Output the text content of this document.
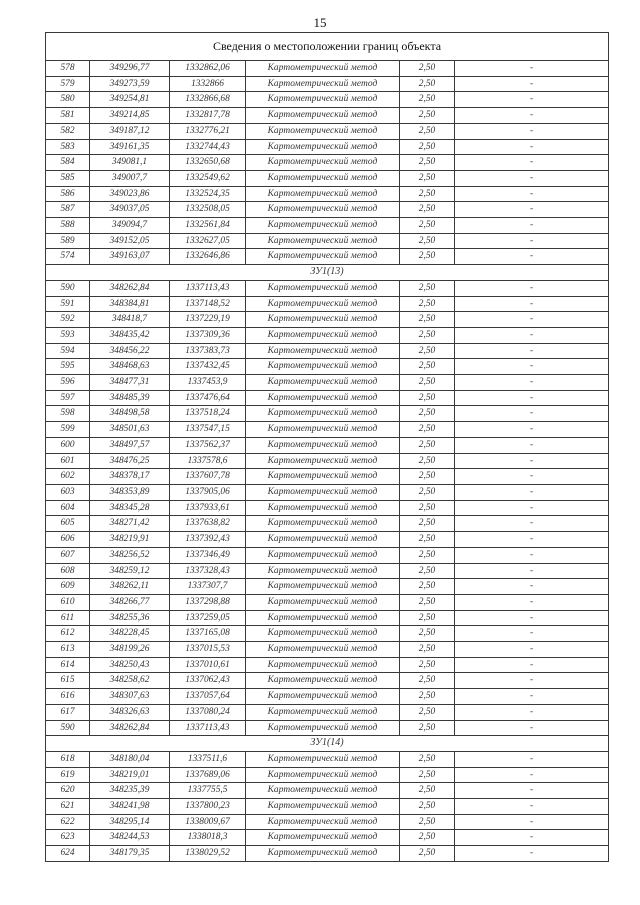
15
Сведения о местоположении границ объекта					
578	349296,77	1332862,06	Картометрический метод	2,50	-
579	349273,59	1332866	Картометрический метод	2,50	-
580	349254,81	1332866,68	Картометрический метод	2,50	-
581	349214,85	1332817,78	Картометрический метод	2,50	-
582	349187,12	1332776,21	Картометрический метод	2,50	-
583	349161,35	1332744,43	Картометрический метод	2,50	-
584	349081,1	1332650,68	Картометрический метод	2,50	-
585	349007,7	1332549,62	Картометрический метод	2,50	-
586	349023,86	1332524,35	Картометрический метод	2,50	-
587	349037,05	1332508,05	Картометрический метод	2,50	-
588	349094,7	1332561,84	Картометрический метод	2,50	-
589	349152,05	1332627,05	Картометрический метод	2,50	-
574	349163,07	1332646,86	Картометрический метод	2,50	-
ЗУ1(13)					
590	348262,84	1337113,43	Картометрический метод	2,50	-
591	348384,81	1337148,52	Картометрический метод	2,50	-
592	348418,7	1337229,19	Картометрический метод	2,50	-
593	348435,42	1337309,36	Картометрический метод	2,50	-
594	348456,22	1337383,73	Картометрический метод	2,50	-
595	348468,63	1337432,45	Картометрический метод	2,50	-
596	348477,31	1337453,9	Картометрический метод	2,50	-
597	348485,39	1337476,64	Картометрический метод	2,50	-
598	348498,58	1337518,24	Картометрический метод	2,50	-
599	348501,63	1337547,15	Картометрический метод	2,50	-
600	348497,57	1337562,37	Картометрический метод	2,50	-
601	348476,25	1337578,6	Картометрический метод	2,50	-
602	348378,17	1337607,78	Картометрический метод	2,50	-
603	348353,89	1337905,06	Картометрический метод	2,50	-
604	348345,28	1337933,61	Картометрический метод	2,50	-
605	348271,42	1337638,82	Картометрический метод	2,50	-
606	348219,91	1337392,43	Картометрический метод	2,50	-
607	348256,52	1337346,49	Картометрический метод	2,50	-
608	348259,12	1337328,43	Картометрический метод	2,50	-
609	348262,11	1337307,7	Картометрический метод	2,50	-
610	348266,77	1337298,88	Картометрический метод	2,50	-
611	348255,36	1337259,05	Картометрический метод	2,50	-
612	348228,45	1337165,08	Картометрический метод	2,50	-
613	348199,26	1337015,53	Картометрический метод	2,50	-
614	348250,43	1337010,61	Картометрический метод	2,50	-
615	348258,62	1337062,43	Картометрический метод	2,50	-
616	348307,63	1337057,64	Картометрический метод	2,50	-
617	348326,63	1337080,24	Картометрический метод	2,50	-
590	348262,84	1337113,43	Картометрический метод	2,50	-
ЗУ1(14)					
618	348180,04	1337511,6	Картометрический метод	2,50	-
619	348219,01	1337689,06	Картометрический метод	2,50	-
620	348235,39	1337755,5	Картометрический метод	2,50	-
621	348241,98	1337800,23	Картометрический метод	2,50	-
622	348295,14	1338009,67	Картометрический метод	2,50	-
623	348244,53	1338018,3	Картометрический метод	2,50	-
624	348179,35	1338029,52	Картометрический метод	2,50	-
